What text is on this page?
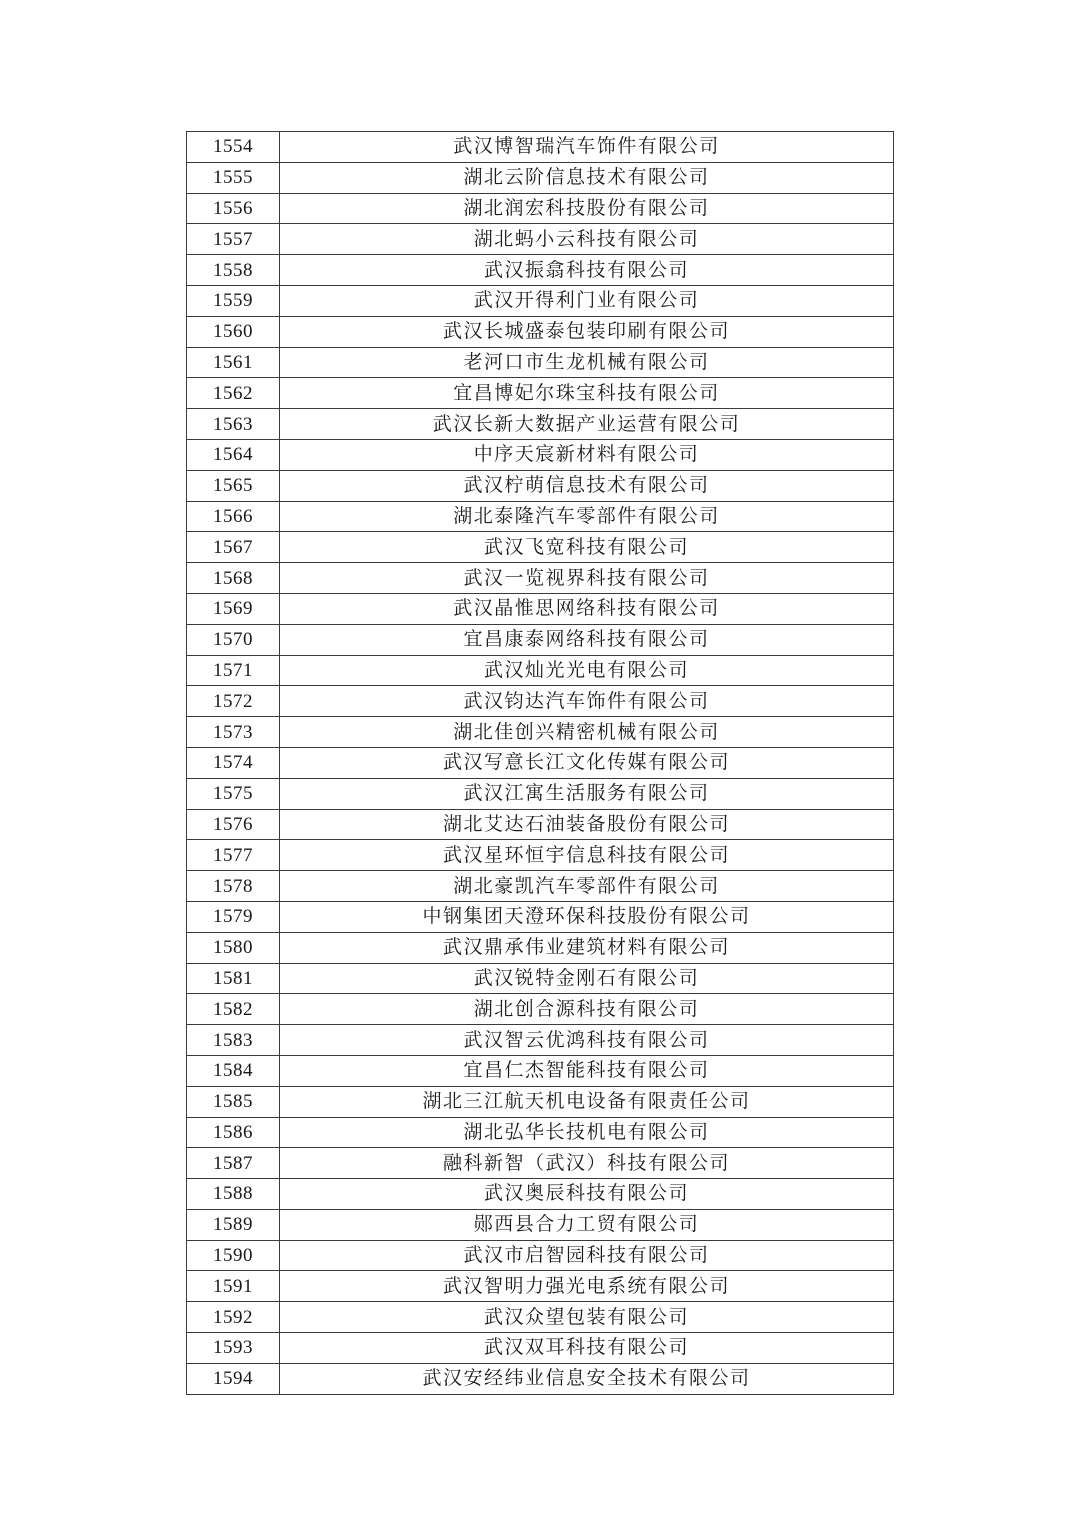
1554	武汉博智瑞汽车饰件有限公司
1555	湖北云阶信息技术有限公司
1556	湖北润宏科技股份有限公司
1557	湖北蚂小云科技有限公司
1558	武汉振翕科技有限公司
1559	武汉开得利门业有限公司
1560	武汉长城盛泰包装印刷有限公司
1561	老河口市生龙机械有限公司
1562	宜昌博妃尔珠宝科技有限公司
1563	武汉长新大数据产业运营有限公司
1564	中序天宸新材料有限公司
1565	武汉柠萌信息技术有限公司
1566	湖北泰隆汽车零部件有限公司
1567	武汉飞宽科技有限公司
1568	武汉一览视界科技有限公司
1569	武汉晶惟思网络科技有限公司
1570	宜昌康泰网络科技有限公司
1571	武汉灿光光电有限公司
1572	武汉钧达汽车饰件有限公司
1573	湖北佳创兴精密机械有限公司
1574	武汉写意长江文化传媒有限公司
1575	武汉江寓生活服务有限公司
1576	湖北艾达石油装备股份有限公司
1577	武汉星环恒宇信息科技有限公司
1578	湖北豪凯汽车零部件有限公司
1579	中钢集团天澄环保科技股份有限公司
1580	武汉鼎承伟业建筑材料有限公司
1581	武汉锐特金刚石有限公司
1582	湖北创合源科技有限公司
1583	武汉智云优鸿科技有限公司
1584	宜昌仁杰智能科技有限公司
1585	湖北三江航天机电设备有限责任公司
1586	湖北弘华长技机电有限公司
1587	融科新智（武汉）科技有限公司
1588	武汉奥辰科技有限公司
1589	郧西县合力工贸有限公司
1590	武汉市启智园科技有限公司
1591	武汉智明力强光电系统有限公司
1592	武汉众望包装有限公司
1593	武汉双耳科技有限公司
1594	武汉安经纬业信息安全技术有限公司
